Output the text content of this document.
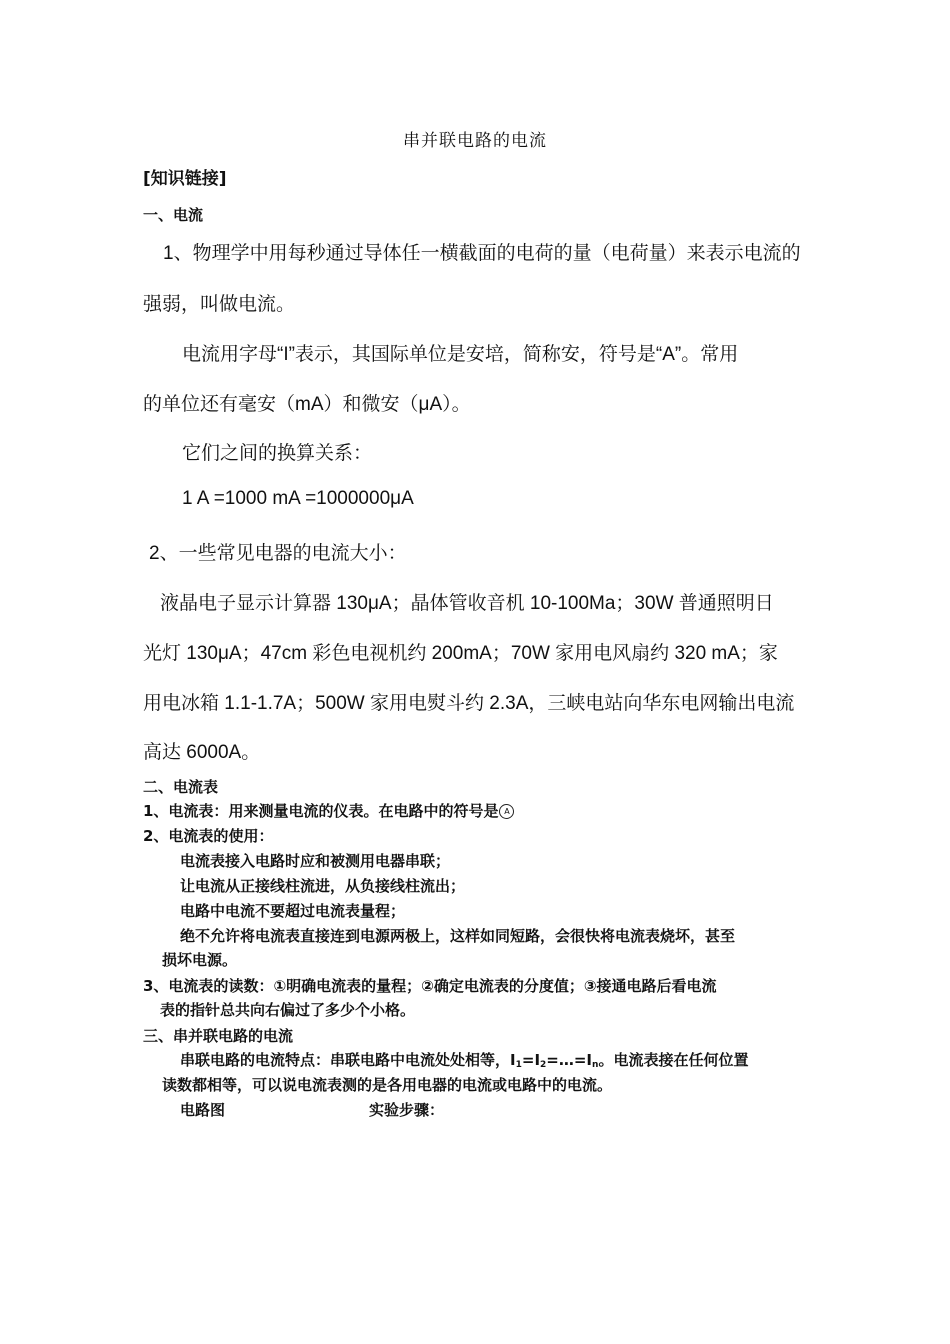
串并联电路的电流
[知识链接]
一、电流
1、物理学中用每秒通过导体任一横截面的电荷的量（电荷量）来表示电流的
强弱，叫做电流。
电流用字母“I”表示，其国际单位是安培，简称安，符号是“A”。常用
的单位还有毫安（mA）和微安（μA）。
它们之间的换算关系：
1 A =1000 mA =1000000μA
2、一些常见电器的电流大小：
液晶电子显示计算器 130μA；晶体管收音机 10-100Ma；30W 普通照明日
光灯 130μA；47cm 彩色电视机约 200mA；70W 家用电风扇约 320 mA；家
用电冰箱 1.1-1.7A；500W 家用电熨斗约 2.3A，三峡电站向华东电网输出电流
高达 6000A。
二、电流表
1、电流表：用来测量电流的仪表。在电路中的符号是 A
2、电流表的使用：
电流表接入电路时应和被测用电器串联；
让电流从正接线柱流进，从负接线柱流出；
电路中电流不要超过电流表量程；
绝不允许将电流表直接连到电源两极上，这样如同短路，会很快将电流表烧坏，甚至
损坏电源。
3、电流表的读数：①明确电流表的量程；②确定电流表的分度值；③接通电路后看电流
表的指针总共向右偏过了多少个小格。
三、串并联电路的电流
串联电路的电流特点：串联电路中电流处处相等，$I_1=I_2=\dots=I_n$。电流表接在任何位置
读数都相等，可以说电流表测的是各用电器的电流或电路中的电流。
电路图	实验步骤：
